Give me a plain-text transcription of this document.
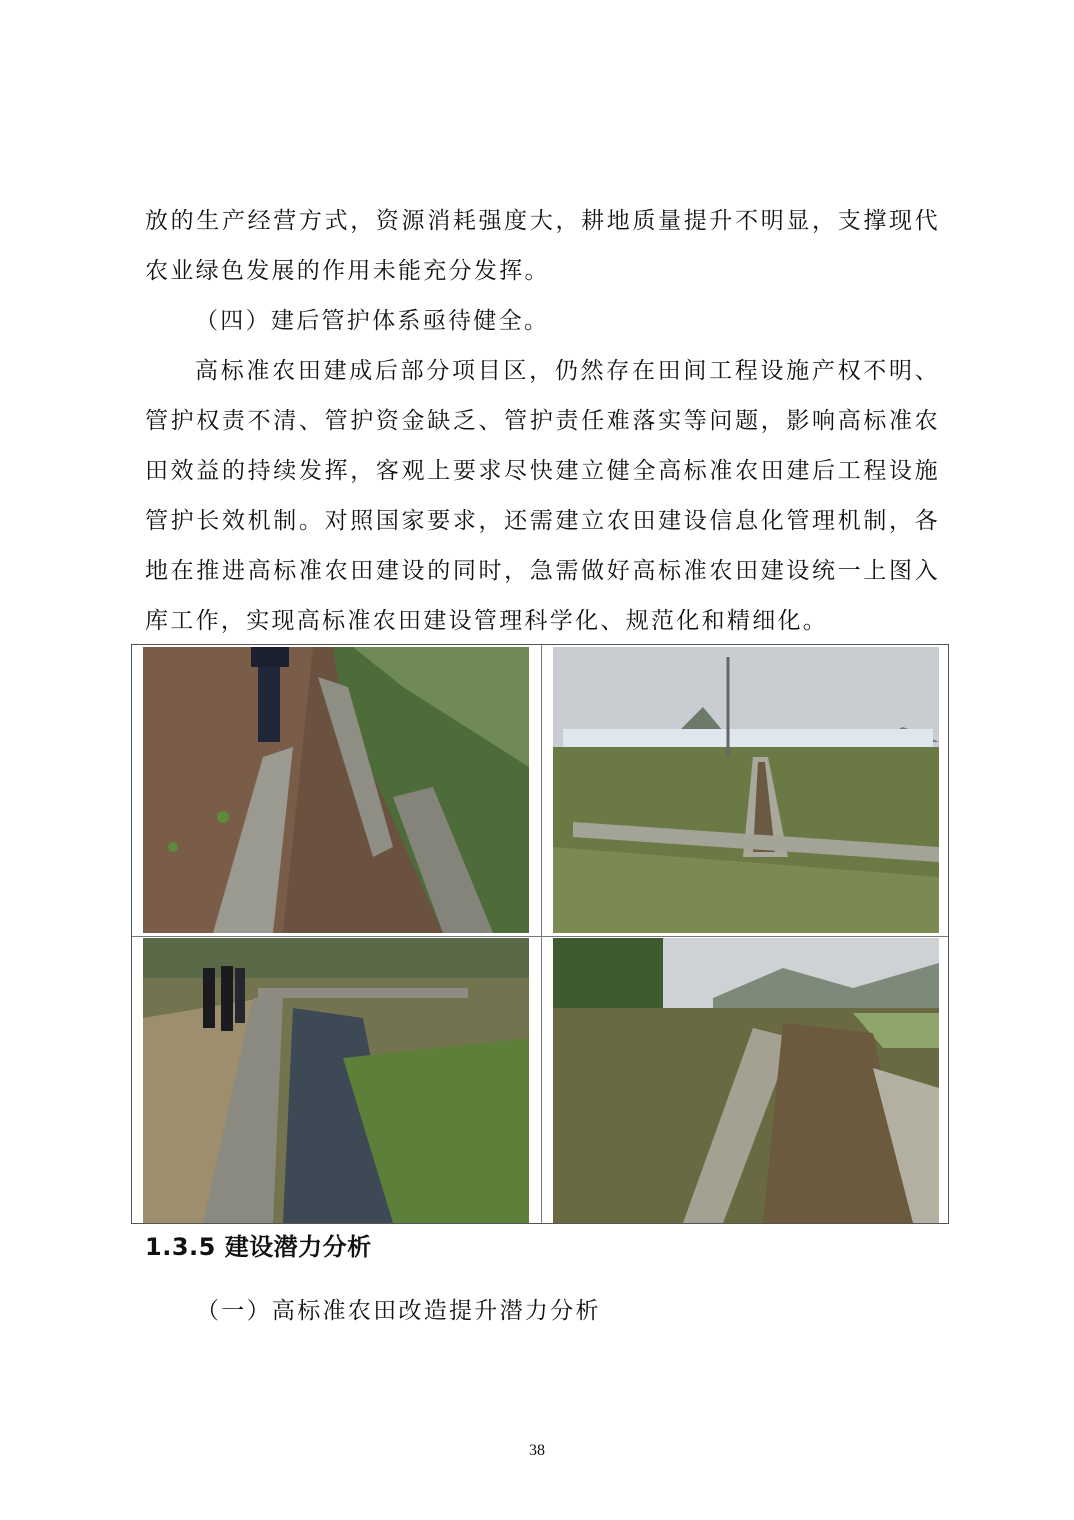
放的生产经营方式，资源消耗强度大，耕地质量提升不明显，支撑现代农业绿色发展的作用未能充分发挥。

（四）建后管护体系亟待健全。

高标准农田建成后部分项目区，仍然存在田间工程设施产权不明、管护权责不清、管护资金缺乏、管护责任难落实等问题，影响高标准农田效益的持续发挥，客观上要求尽快建立健全高标准农田建后工程设施管护长效机制。对照国家要求，还需建立农田建设信息化管理机制，各地在推进高标准农田建设的同时，急需做好高标准农田建设统一上图入库工作，实现高标准农田建设管理科学化、规范化和精细化。

1.3.5 建设潜力分析

（一）高标准农田改造提升潜力分析

38
